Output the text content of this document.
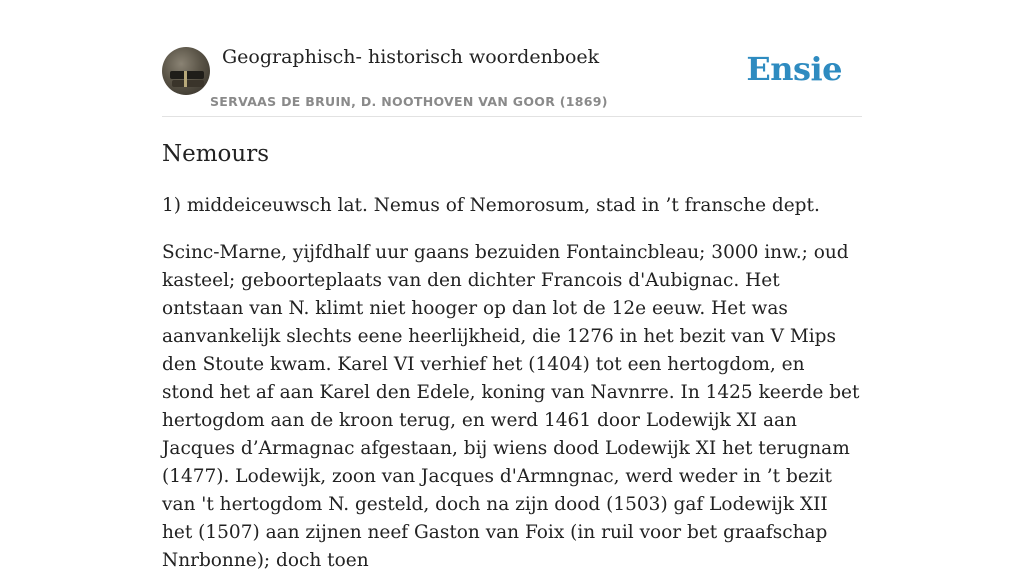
Geographisch- historisch woordenboek
SERVAAS DE BRUIN, D. NOOTHOVEN VAN GOOR (1869)
Ensie
Nemours

1) middeiceuwsch lat. Nemus of Nemorosum, stad in ’t fransche dept.

Scinc-Marne, yijfdhalf uur gaans bezuiden Fontaincbleau; 3000 inw.; oud kasteel; geboorteplaats van den dichter Francois d'Aubignac. Het ontstaan van N. klimt niet hooger op dan lot de 12e eeuw. Het was aanvankelijk slechts eene heerlijkheid, die 1276 in het bezit van V Mips den Stoute kwam. Karel VI verhief het (1404) tot een hertogdom, en stond het af aan Karel den Edele, koning van Navnrre. In 1425 keerde bet hertogdom aan de kroon terug, en werd 1461 door Lodewijk XI aan Jacques d’Armagnac afgestaan, bij wiens dood Lodewijk XI het terugnam (1477). Lodewijk, zoon van Jacques d'Armngnac, werd weder in ’t bezit van 't hertogdom N. gesteld, doch na zijn dood (1503) gaf Lodewijk XII het (1507) aan zijnen neef Gaston van Foix (in ruil voor bet graafschap Nnrbonne); doch toen
